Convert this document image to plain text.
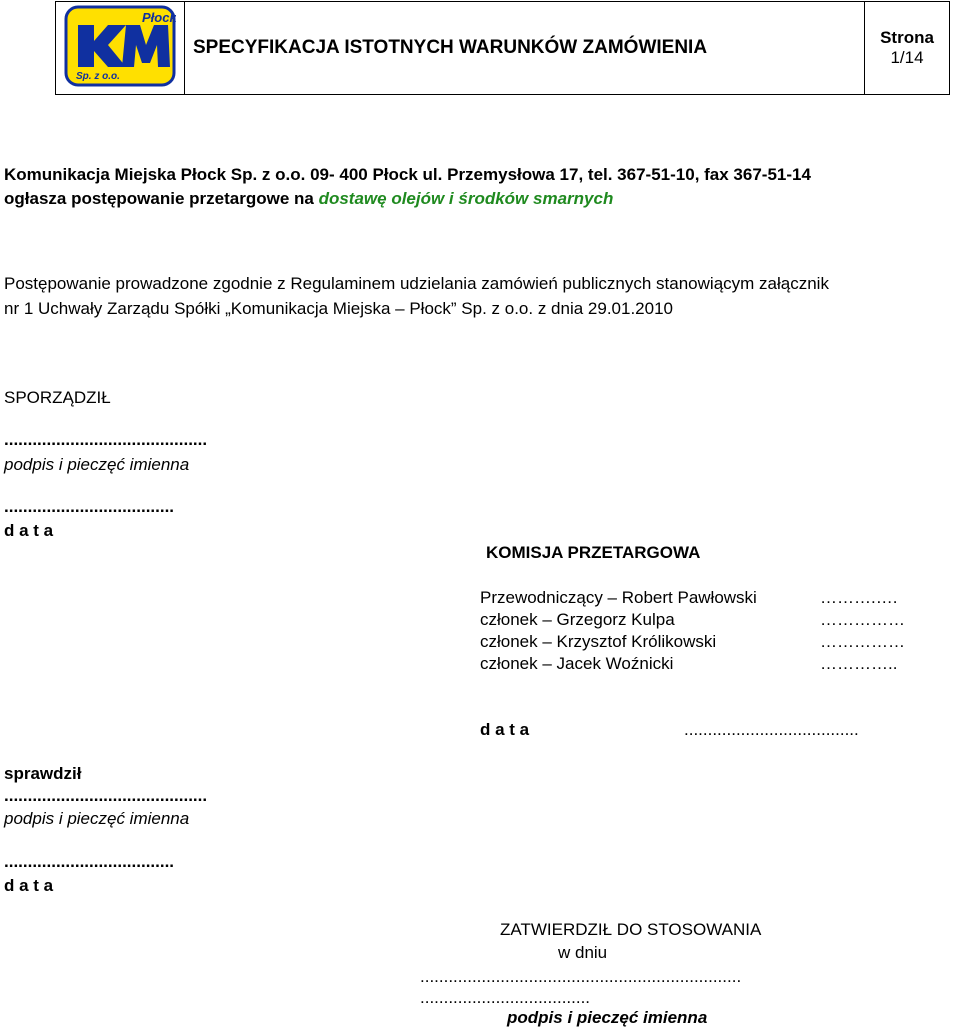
Płock
Sp. z o.o.
	SPECYFIKACJA ISTOTNYCH WARUNKÓW ZAMÓWIENIA	Strona
1/14
Komunikacja Miejska Płock Sp. z o.o. 09- 400 Płock ul. Przemysłowa 17, tel. 367-51-10, fax 367-51-14
ogłasza postępowanie przetargowe na dostawę olejów i środków smarnych
Postępowanie prowadzone zgodnie z Regulaminem udzielania zamówień publicznych stanowiącym załącznik
nr 1 Uchwały Zarządu Spółki „Komunikacja Miejska – Płock” Sp. z o.o. z dnia 29.01.2010
SPORZĄDZIŁ
...........................................
podpis i pieczęć imienna
....................................
d a t a
KOMISJA PRZETARGOWA
Przewodniczący – Robert Pawłowski	……….….
członek – Grzegorz Kulpa	……………
członek – Krzysztof Królikowski	……………
członek – Jacek Woźnicki	…………..
d a t a	.....................................
sprawdził
...........................................
podpis i pieczęć imienna
....................................
d a t a
ZATWIERDZIŁ DO STOSOWANIA
w dniu
....................................................................
....................................
podpis i pieczęć imienna
